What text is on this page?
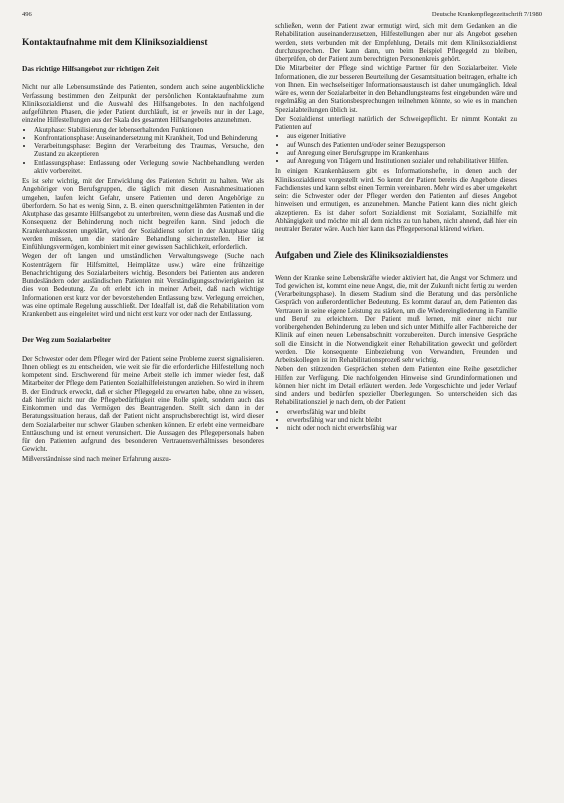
496	Deutsche Krankenpflegezeitschrift 7/1980
Kontaktaufnahme mit dem Kliniksozialdienst
Das richtige Hilfsangebot zur richtigen Zeit

Nicht nur alle Lebensumstände des Patienten, sondern auch seine augenblickliche Verfassung bestimmen den Zeitpunkt der persönlichen Kontaktaufnahme zum Kliniksozialdienst und die Auswahl des Hilfsangebotes. In den nachfolgend aufgeführten Phasen, die jeder Patient durchläuft, ist er jeweils nur in der Lage, einzelne Hilfestellungen aus der Skala des gesamten Hilfsangebotes anzunehmen.

• Akutphase: Stabilisierung der lebenserhaltenden Funktionen
• Konfrontationsphase: Auseinandersetzung mit Krankheit, Tod und Behinderung
• Verarbeitungsphase: Beginn der Verarbeitung des Traumas, Versuche, den Zustand zu akzeptieren
• Entlassungsphase: Entlassung oder Verlegung sowie Nachbehandlung werden aktiv vorbereitet.

Es ist sehr wichtig, mit der Entwicklung des Patienten Schritt zu halten. Wer als Angehöriger von Berufsgruppen, die täglich mit diesen Ausnahmesituationen umgehen, laufen leicht Gefahr, unsere Patienten und deren Angehörige zu überfordern. So hat es wenig Sinn, z. B. einen querschnittgelähmten Patienten in der Akutphase das gesamte Hilfsangebot zu unterbreiten, wenn diese das Ausmaß und die Konsequenz der Behinderung noch nicht begreifen kann. Sind jedoch die Krankenhauskosten ungeklärt, wird der Sozialdienst sofort in der Akutphase tätig werden müssen, um die stationäre Behandlung sicherzustellen. Hier ist Einfühlungsvermögen, kombiniert mit einer gewissen Sachlichkeit, erforderlich.

Wegen der oft langen und umständlichen Verwaltungswege (Suche nach Kostenträgern für Hilfsmittel, Heimplätze usw.) wäre eine frühzeitige Benachrichtigung des Sozialarbeiters wichtig. Besonders bei Patienten aus anderen Bundesländern oder ausländischen Patienten mit Verständigungsschwierigkeiten ist dies von Bedeutung. Zu oft erlebt ich in meiner Arbeit, daß nach wichtige Informationen erst kurz vor der bevorstehenden Entlassung bzw. Verlegung erreichen, was eine optimale Regelung ausschließt. Der Idealfall ist, daß die Rehabilitation vom Krankenbett aus eingeleitet wird und nicht erst kurz vor oder nach der Entlassung.

Der Weg zum Sozialarbeiter

Der Schwester oder dem Pfleger wird der Patient seine Probleme zuerst signalisieren. Ihnen obliegt es zu entscheiden, wie weit sie für die erforderliche Hilfestellung noch kompetent sind. Erschwerend für meine Arbeit stelle ich immer wieder fest, daß Mitarbeiter der Pflege dem Patienten Sozialhilfeleistungen anziehen. So wird in ihrem B. der Eindruck erweckt, daß er sicher Pflegegeld zu erwarten habe, ohne zu wissen, daß hierfür nicht nur die Pflegebedürftigkeit eine Rolle spielt, sondern auch das Einkommen und das Vermögen des Beantragenden. Stellt sich dann in der Beratungssituation heraus, daß der Patient nicht anspruchsberechtigt ist, wird dieser dem Sozialarbeiter nur schwer Glauben schenken können. Er erlebt eine vermeidbare Enttäuschung und ist erneut verunsichert. Die Aussagen des Pflegepersonals haben für den Patienten aufgrund des besonderen Vertrauensverhältnisses besonderes Gewicht.

Mißverständnisse sind nach meiner Erfahrung auszu-

schließen, wenn der Patient zwar ermutigt wird, sich mit dem Gedanken an die Rehabilitation auseinanderzusetzen, Hilfestellungen aber nur als Angebot gesehen werden, stets verbunden mit der Empfehlung, Details mit dem Kliniksozialdienst durchzusprechen. Der kann dann, um beim Beispiel Pflegegeld zu bleiben, überprüfen, ob der Patient zum berechtigten Personenkreis gehört.

Die Mitarbeiter der Pflege sind wichtige Partner für den Sozialarbeiter. Viele Informationen, die zur besseren Beurteilung der Gesamtsituation beitragen, erhalte ich von Ihnen. Ein wechselseitiger Informationsaustausch ist daher unumgänglich. Ideal wäre es, wenn der Sozialarbeiter in den Behandlungsteams fest eingebunden wäre und regelmäßig an den Stationsbesprechungen teilnehmen könnte, so wie es in manchen Spezialabteilungen üblich ist.

Der Sozialdienst unterliegt natürlich der Schweigepflicht. Er nimmt Kontakt zu Patienten auf

• aus eigener Initiative
• auf Wunsch des Patienten und/oder seiner Bezugsperson
• auf Anregung einer Berufsgruppe im Krankenhaus
• auf Anregung von Trägern und Institutionen sozialer und rehabilitativer Hilfen.

In einigen Krankenhäusern gibt es Informationshefte, in denen auch der Kliniksozialdienst vorgestellt wird. So kennt der Patient bereits die Angebote dieses Fachdienstes und kann selbst einen Termin vereinbaren. Mehr wird es aber umgekehrt sein: die Schwester oder der Pfleger werden den Patienten auf dieses Angebot hinweisen und ermutigen, es anzunehmen. Manche Patient kann dies nicht gleich akzeptieren. Es ist daher sofort Sozialdienst mit Sozialamt, Sozialhilfe mit Abhängigkeit und möchte mit all dem nichts zu tun haben, nicht ahnend, daß hier ein neutraler Berater wäre. Auch hier kann das Pflegepersonal klärend wirken.

Aufgaben und Ziele des Kliniksozialdienstes

Wenn der Kranke seine Lebenskräfte wieder aktiviert hat, die Angst vor Schmerz und Tod gewichen ist, kommt eine neue Angst, die, mit der Zukunft nicht fertig zu werden (Verarbeitungsphase). In diesem Stadium sind die Beratung und das persönliche Gespräch von außerordentlicher Bedeutung. Es kommt darauf an, dem Patienten das Vertrauen in seine eigene Leistung zu stärken, um die Wiedereingliederung in Familie und Beruf zu erleichtern. Der Patient muß lernen, mit einer nicht nur vorübergehenden Behinderung zu leben und sich unter Mithilfe aller Fachbereiche der Klinik auf einen neuen Lebensabschnitt vorzubereiten. Durch intensive Gespräche soll die Einsicht in die Notwendigkeit einer Rehabilitation geweckt und gefördert werden. Die konsequente Einbeziehung von Verwandten, Freunden und Arbeitskollegen ist im Rehabilitationsprozeß sehr wichtig.

Neben den stützenden Gesprächen stehen dem Patienten eine Reihe gesetzlicher Hilfen zur Verfügung. Die nachfolgenden Hinweise sind Grundinformationen und können hier nicht im Detail erläutert werden. Jede Vorgeschichte und jeder Verlauf sind anders und bedürfen spezieller Überlegungen. So unterscheiden sich das Rehabilitationsziel je nach dem, ob der Patient

• erwerbsfähig war und bleibt
• erwerbsfähig war und nicht bleibt
• nicht oder noch nicht erwerbsfähig war
